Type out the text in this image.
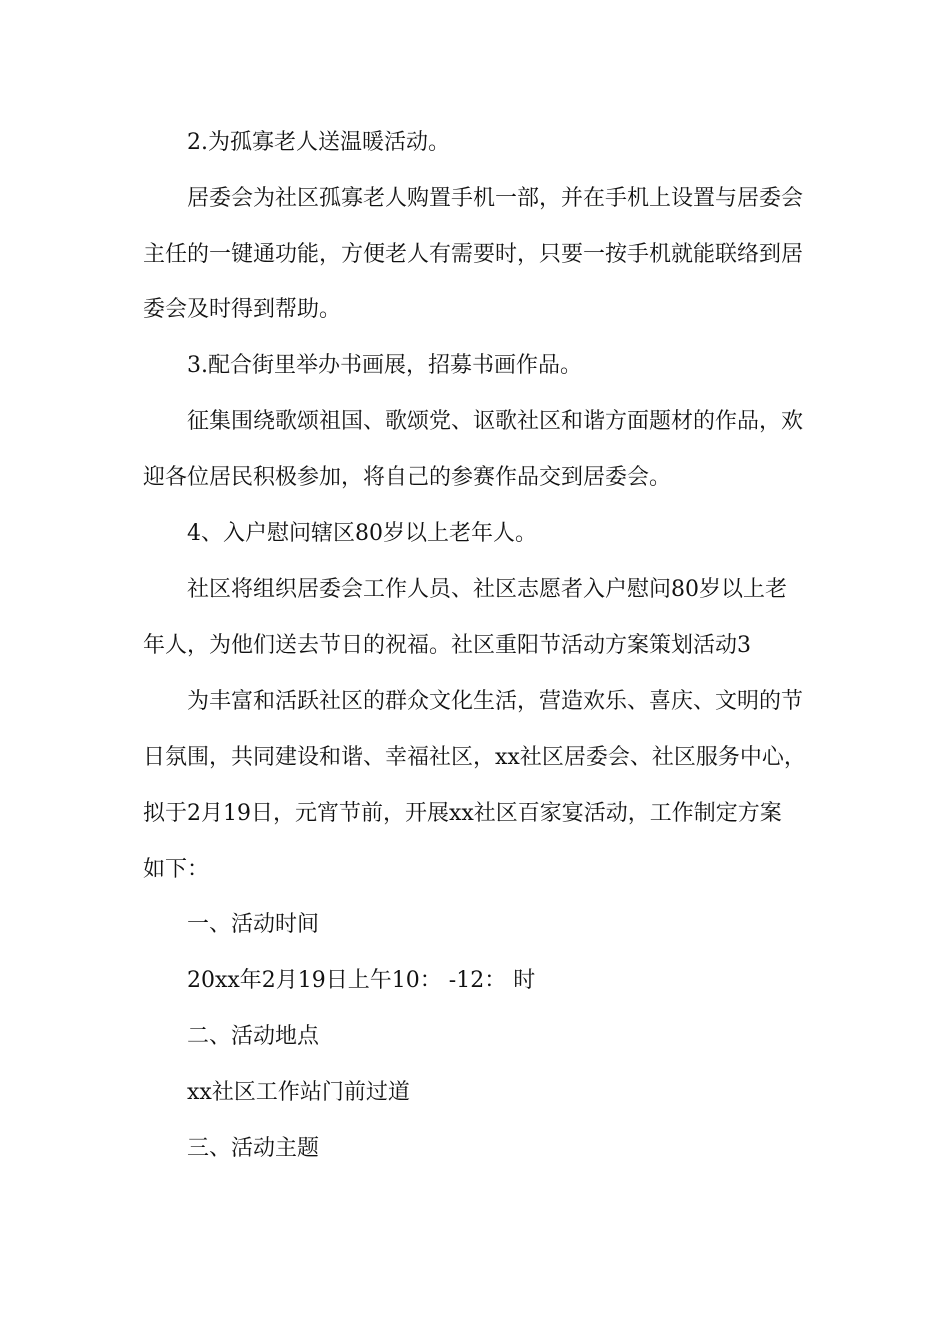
2.为孤寡老人送温暖活动。
居委会为社区孤寡老人购置手机一部，并在手机上设置与居委会
主任的一键通功能，方便老人有需要时，只要一按手机就能联络到居
委会及时得到帮助。
3.配合街里举办书画展，招募书画作品。
征集围绕歌颂祖国、歌颂党、讴歌社区和谐方面题材的作品，欢
迎各位居民积极参加，将自己的参赛作品交到居委会。
4、入户慰问辖区80岁以上老年人。
社区将组织居委会工作人员、社区志愿者入户慰问80岁以上老
年人，为他们送去节日的祝福。社区重阳节活动方案策划活动3
为丰富和活跃社区的群众文化生活，营造欢乐、喜庆、文明的节
日氛围，共同建设和谐、幸福社区，xx社区居委会、社区服务中心，
拟于2月19日，元宵节前，开展xx社区百家宴活动，工作制定方案
如下：
一、活动时间
20xx年2月19日上午10： -12： 时
二、活动地点
xx社区工作站门前过道
三、活动主题
